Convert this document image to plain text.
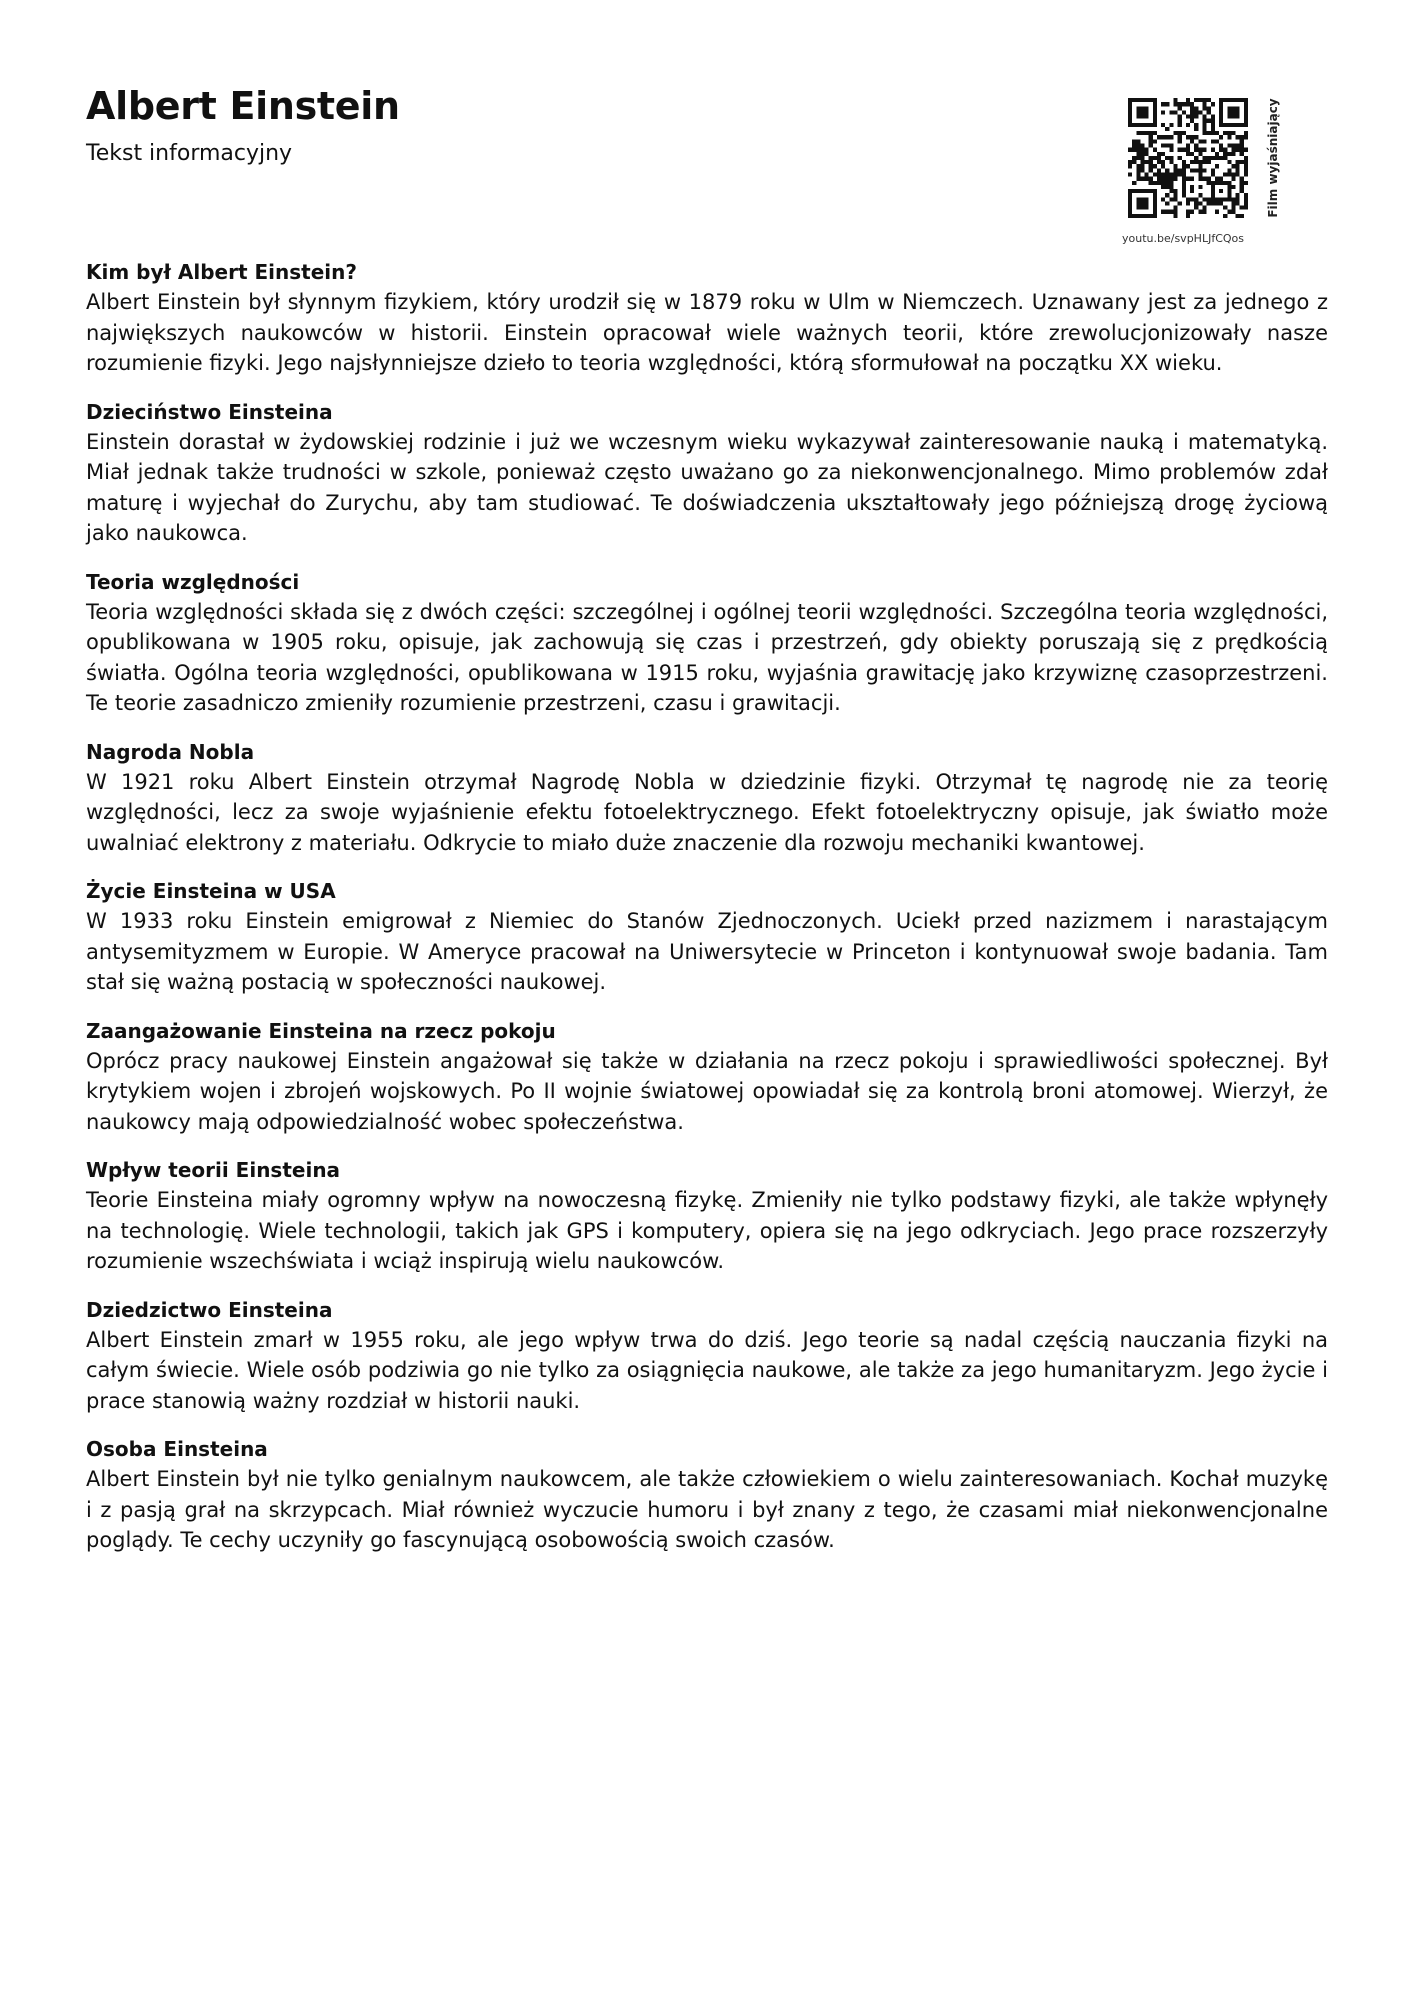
Albert Einstein

Tekst informacyjny

youtu.be/svpHLJfCQos
Film wyjaśniający
Kim był Albert Einstein?

Albert Einstein był słynnym fizykiem, który urodził się w 1879 roku w Ulm w Niemczech. Uznawany jest za jednego z największych naukowców w historii. Einstein opracował wiele ważnych teorii, które zrewolucjonizowały nasze rozumienie fizyki. Jego najsłynniejsze dzieło to teoria względności, którą sformułował na początku XX wieku.

Dzieciństwo Einsteina

Einstein dorastał w żydowskiej rodzinie i już we wczesnym wieku wykazywał zainteresowanie nauką i matematyką. Miał jednak także trudności w szkole, ponieważ często uważano go za niekonwencjonalnego. Mimo problemów zdał maturę i wyjechał do Zurychu, aby tam studiować. Te doświadczenia ukształtowały jego późniejszą drogę życiową jako naukowca.

Teoria względności

Teoria względności składa się z dwóch części: szczególnej i ogólnej teorii względności. Szczególna teoria względności, opublikowana w 1905 roku, opisuje, jak zachowują się czas i przestrzeń, gdy obiekty poruszają się z prędkością światła. Ogólna teoria względności, opublikowana w 1915 roku, wyjaśnia grawitację jako krzywiznę czasoprzestrzeni. Te teorie zasadniczo zmieniły rozumienie przestrzeni, czasu i grawitacji.

Nagroda Nobla

W 1921 roku Albert Einstein otrzymał Nagrodę Nobla w dziedzinie fizyki. Otrzymał tę nagrodę nie za teorię względności, lecz za swoje wyjaśnienie efektu fotoelektrycznego. Efekt fotoelektryczny opisuje, jak światło może uwalniać elektrony z materiału. Odkrycie to miało duże znaczenie dla rozwoju mechaniki kwantowej.

Życie Einsteina w USA

W 1933 roku Einstein emigrował z Niemiec do Stanów Zjednoczonych. Uciekł przed nazizmem i narastającym antysemityzmem w Europie. W Ameryce pracował na Uniwersytecie w Princeton i kontynuował swoje badania. Tam stał się ważną postacią w społeczności naukowej.

Zaangażowanie Einsteina na rzecz pokoju

Oprócz pracy naukowej Einstein angażował się także w działania na rzecz pokoju i sprawiedliwości społecznej. Był krytykiem wojen i zbrojeń wojskowych. Po II wojnie światowej opowiadał się za kontrolą broni atomowej. Wierzył, że naukowcy mają odpowiedzialność wobec społeczeństwa.

Wpływ teorii Einsteina

Teorie Einsteina miały ogromny wpływ na nowoczesną fizykę. Zmieniły nie tylko podstawy fizyki, ale także wpłynęły na technologię. Wiele technologii, takich jak GPS i komputery, opiera się na jego odkryciach. Jego prace rozszerzyły rozumienie wszechświata i wciąż inspirują wielu naukowców.

Dziedzictwo Einsteina

Albert Einstein zmarł w 1955 roku, ale jego wpływ trwa do dziś. Jego teorie są nadal częścią nauczania fizyki na całym świecie. Wiele osób podziwia go nie tylko za osiągnięcia naukowe, ale także za jego humanitaryzm. Jego życie i prace stanowią ważny rozdział w historii nauki.

Osoba Einsteina

Albert Einstein był nie tylko genialnym naukowcem, ale także człowiekiem o wielu zainteresowaniach. Kochał muzykę i z pasją grał na skrzypcach. Miał również wyczucie humoru i był znany z tego, że czasami miał niekonwencjonalne poglądy. Te cechy uczyniły go fascynującą osobowością swoich czasów.
